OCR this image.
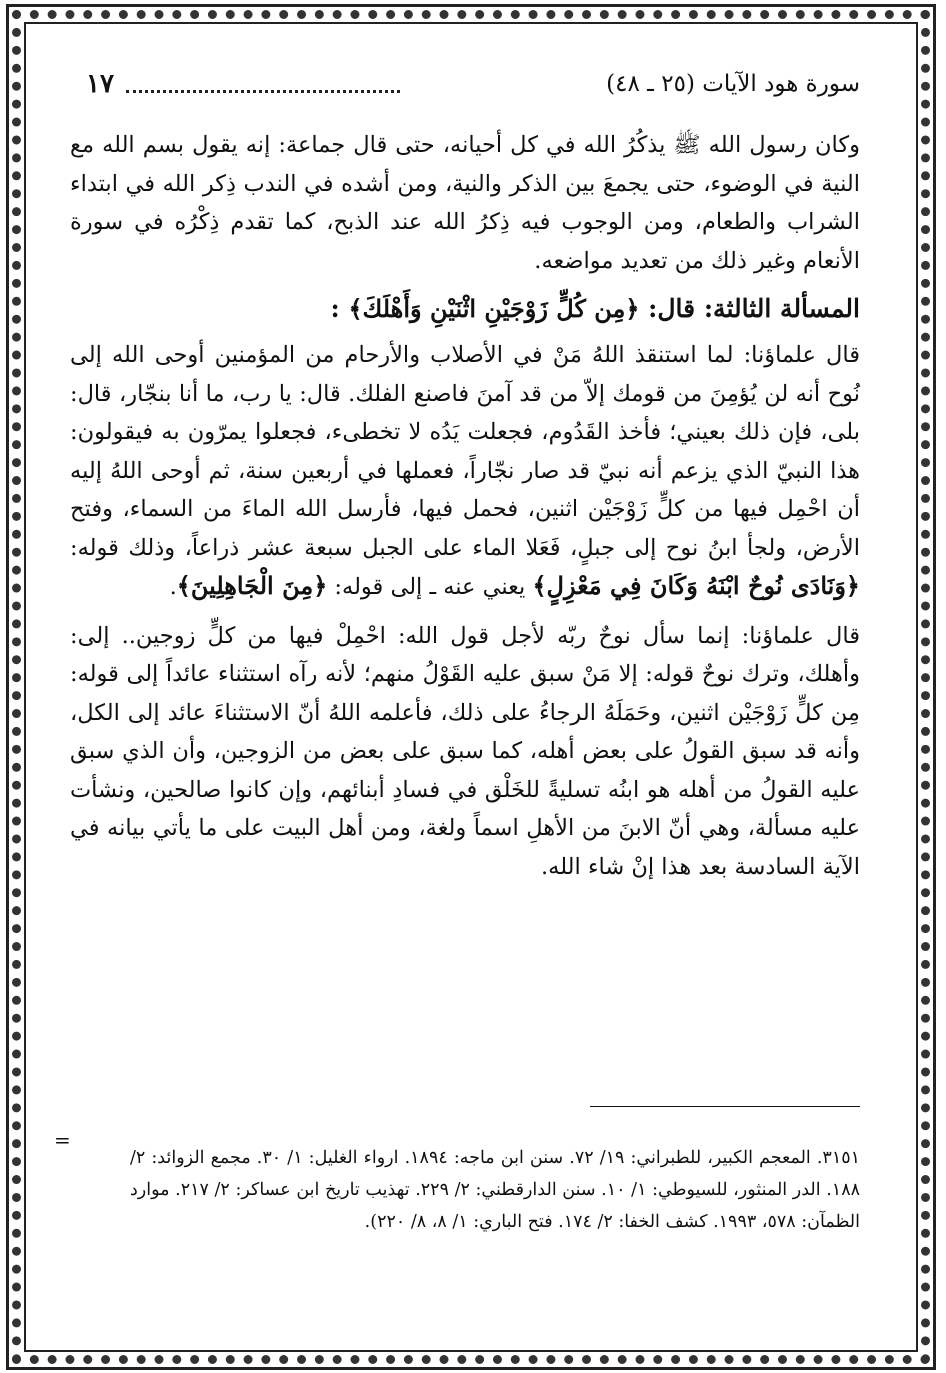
سورة هود الآيات (٢٥ ـ ٤٨)
١٧

وكان رسول الله ﷺ يذكُرُ الله في كل أحيانه، حتى قال جماعة: إنه يقول بسم الله مع النية في الوضوء، حتى يجمعَ بين الذكر والنية، ومن أشده في الندب ذِكر الله في ابتداء الشراب والطعام، ومن الوجوب فيه ذِكرُ الله عند الذبح، كما تقدم ذِكْرُه في سورة الأنعام وغير ذلك من تعديد مواضعه.

المسألة الثالثة: قال: ﴿مِن كُلٍّ زَوْجَيْنِ اثْنَيْنِ وَأَهْلَكَ﴾ :

قال علماؤنا: لما استنقذ اللهُ مَنْ في الأصلاب والأرحام من المؤمنين أوحى الله إلى نُوح أنه لن يُؤمِنَ من قومك إلاّ من قد آمنَ فاصنع الفلك. قال: يا رب، ما أنا بنجّار، قال: بلى، فإن ذلك بعيني؛ فأخذ القَدُوم، فجعلت يَدُه لا تخطىء، فجعلوا يمرّون به فيقولون: هذا النبيّ الذي يزعم أنه نبيّ قد صار نجّاراً، فعملها في أربعين سنة، ثم أوحى اللهُ إليه أن احْمِل فيها من كلٍّ زَوْجَيْن اثنين، فحمل فيها، فأرسل الله الماءَ من السماء، وفتح الأرض، ولجأ ابنُ نوح إلى جبلٍ، فَعَلا الماء على الجبل سبعة عشر ذراعاً، وذلك قوله: ﴿وَنَادَى نُوحٌ ابْنَهُ وَكَانَ فِي مَعْزِلٍ﴾ يعني عنه ـ إلى قوله: ﴿مِنَ الْجَاهِلِينَ﴾.

قال علماؤنا: إنما سأل نوحٌ ربّه لأجل قول الله: احْمِلْ فيها من كلٍّ زوجين.. إلى: وأهلك، وترك نوحٌ قوله: إلا مَنْ سبق عليه القَوْلُ منهم؛ لأنه رآه استثناء عائداً إلى قوله: مِن كلٍّ زَوْجَيْن اثنين، وحَمَلَهُ الرجاءُ على ذلك، فأعلمه اللهُ أنّ الاستثناءَ عائد إلى الكل، وأنه قد سبق القولُ على بعض أهله، كما سبق على بعض من الزوجين، وأن الذي سبق عليه القولُ من أهله هو ابنُه تسليةً للخَلْق في فسادِ أبنائهم، وإن كانوا صالحين، ونشأت عليه مسألة، وهي أنّ الابنَ من الأهلِ اسماً ولغة، ومن أهل البيت على ما يأتي بيانه في الآية السادسة بعد هذا إنْ شاء الله.

=

٣١٥١. المعجم الكبير، للطبراني: ١٩/ ٧٢. سنن ابن ماجه: ١٨٩٤. ارواء الغليل: ١/ ٣٠. مجمع الزوائد: ٢/ ١٨٨. الدر المنثور، للسيوطي: ١/ ١٠. سنن الدارقطني: ٢/ ٢٢٩. تهذيب تاريخ ابن عساكر: ٢/ ٢١٧. موارد الظمآن: ٥٧٨، ١٩٩٣. كشف الخفا: ٢/ ١٧٤. فتح الباري: ١/ ٨، ٨/ ٢٢٠).
